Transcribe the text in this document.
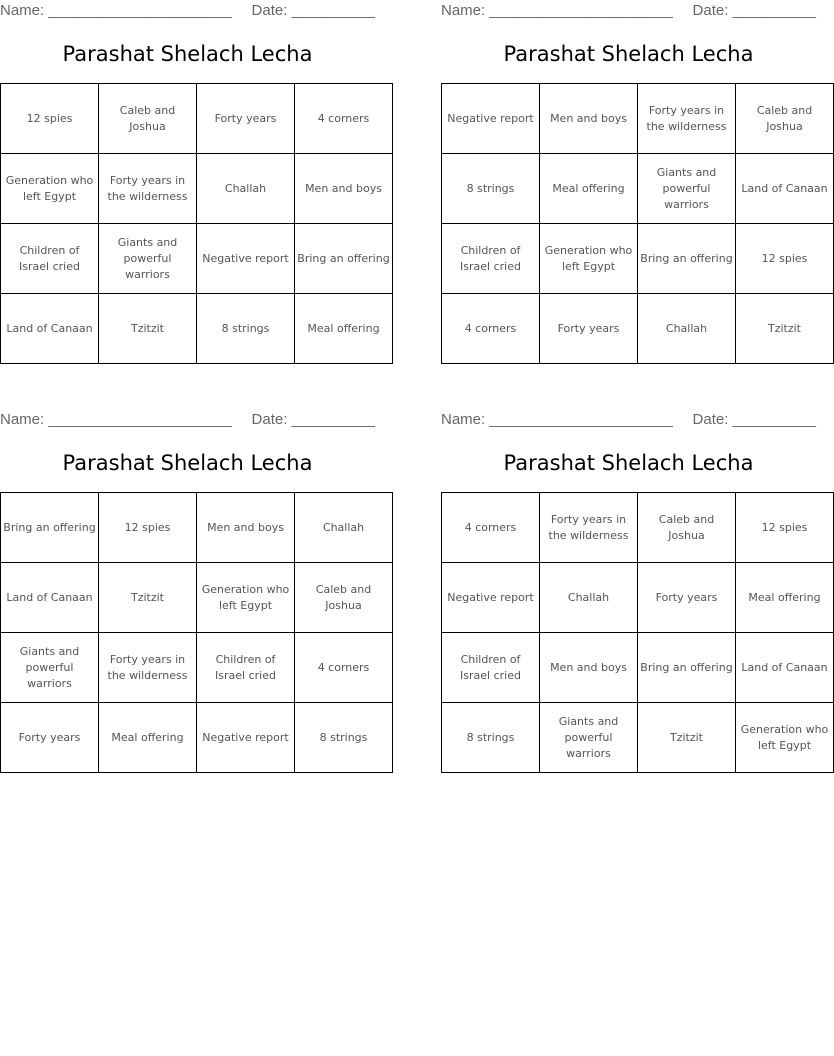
Name: ______________________ Date: __________
Parashat Shelach Lecha
12 spies	Caleb and Joshua	Forty years	4 corners
Generation who left Egypt	Forty years in the wilderness	Challah	Men and boys
Children of Israel cried	Giants and powerful warriors	Negative report	Bring an offering
Land of Canaan	Tzitzit	8 strings	Meal offering
Name: ______________________ Date: __________
Parashat Shelach Lecha
Negative report	Men and boys	Forty years in the wilderness	Caleb and Joshua
8 strings	Meal offering	Giants and powerful warriors	Land of Canaan
Children of Israel cried	Generation who left Egypt	Bring an offering	12 spies
4 corners	Forty years	Challah	Tzitzit
Name: ______________________ Date: __________
Parashat Shelach Lecha
Bring an offering	12 spies	Men and boys	Challah
Land of Canaan	Tzitzit	Generation who left Egypt	Caleb and Joshua
Giants and powerful warriors	Forty years in the wilderness	Children of Israel cried	4 corners
Forty years	Meal offering	Negative report	8 strings
Name: ______________________ Date: __________
Parashat Shelach Lecha
4 corners	Forty years in the wilderness	Caleb and Joshua	12 spies
Negative report	Challah	Forty years	Meal offering
Children of Israel cried	Men and boys	Bring an offering	Land of Canaan
8 strings	Giants and powerful warriors	Tzitzit	Generation who left Egypt
